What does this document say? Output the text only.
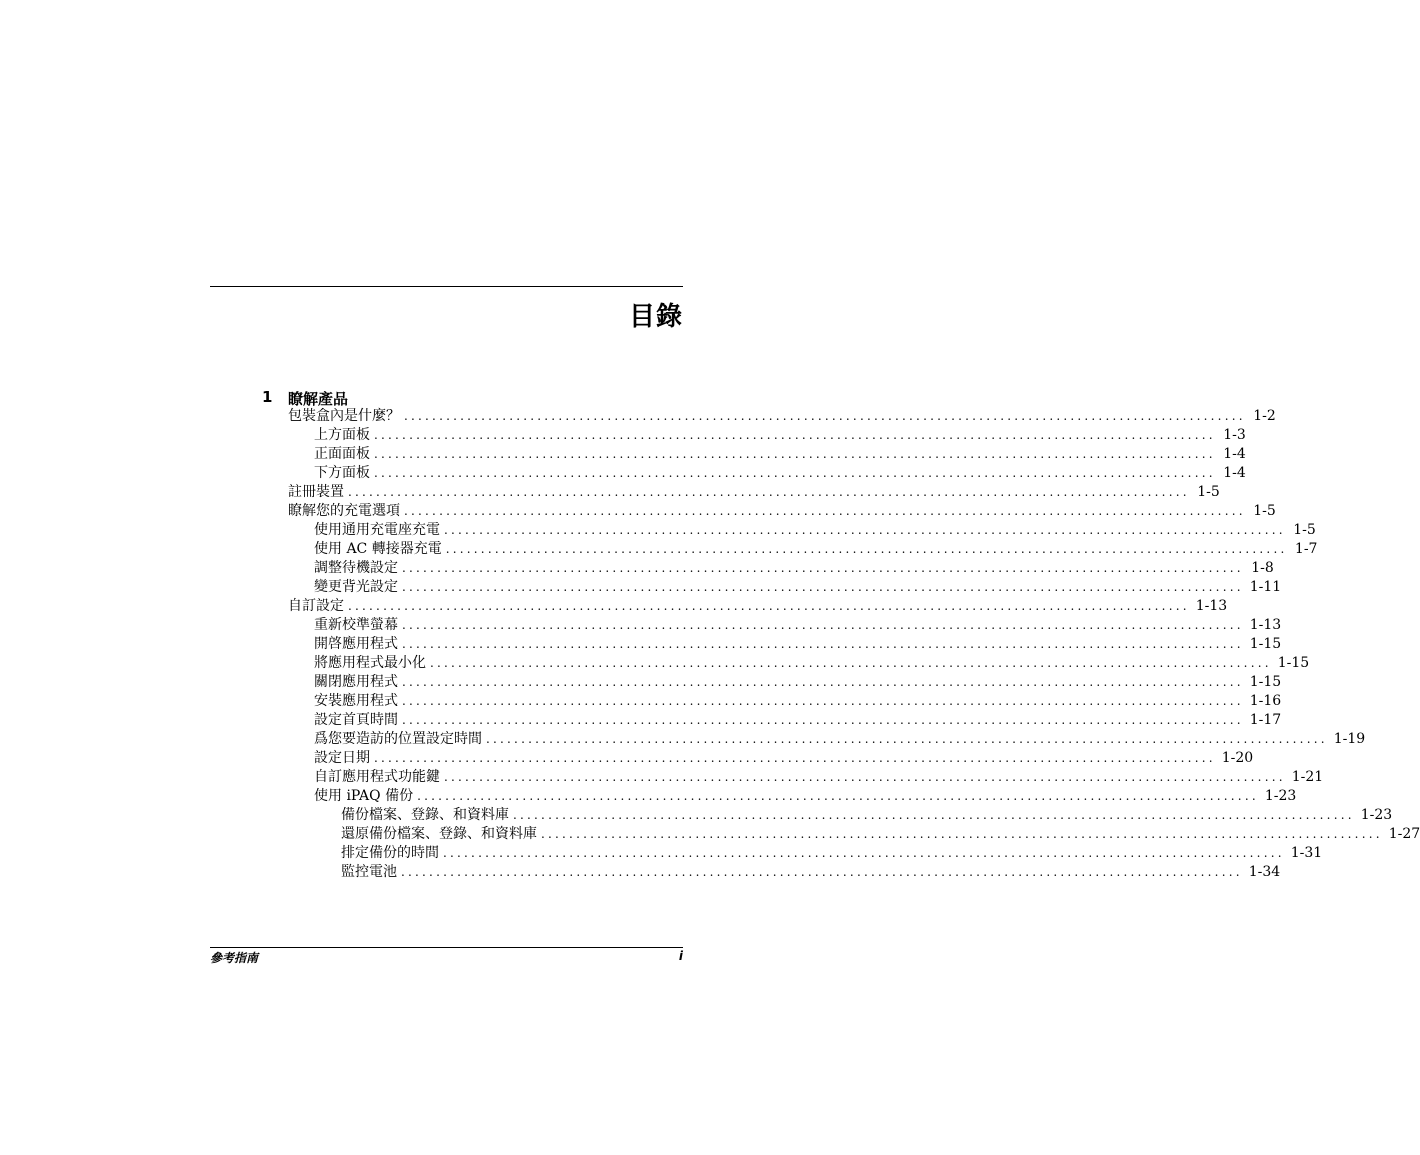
目錄
1	瞭解產品
包裝盒內是什麼？ ........................................................................................................................ 1-2
上方面板 ........................................................................................................................ 1-3
正面面板 ........................................................................................................................ 1-4
下方面板 ........................................................................................................................ 1-4
註冊裝置 ........................................................................................................................ 1-5
瞭解您的充電選項 ........................................................................................................................ 1-5
使用通用充電座充電 ........................................................................................................................ 1-5
使用 AC 轉接器充電 ........................................................................................................................ 1-7
調整待機設定 ........................................................................................................................ 1-8
變更背光設定 ........................................................................................................................ 1-11
自訂設定 ........................................................................................................................ 1-13
重新校準螢幕 ........................................................................................................................ 1-13
開啓應用程式 ........................................................................................................................ 1-15
將應用程式最小化 ........................................................................................................................ 1-15
關閉應用程式 ........................................................................................................................ 1-15
安裝應用程式 ........................................................................................................................ 1-16
設定首頁時間 ........................................................................................................................ 1-17
爲您要造訪的位置設定時間 ........................................................................................................................ 1-19
設定日期 ........................................................................................................................ 1-20
自訂應用程式功能鍵 ........................................................................................................................ 1-21
使用 iPAQ 備份 ........................................................................................................................ 1-23
備份檔案、登錄、和資料庫 ........................................................................................................................ 1-23
還原備份檔案、登錄、和資料庫 ........................................................................................................................ 1-27
排定備份的時間 ........................................................................................................................ 1-31
監控電池 ........................................................................................................................ 1-34
參考指南	i
